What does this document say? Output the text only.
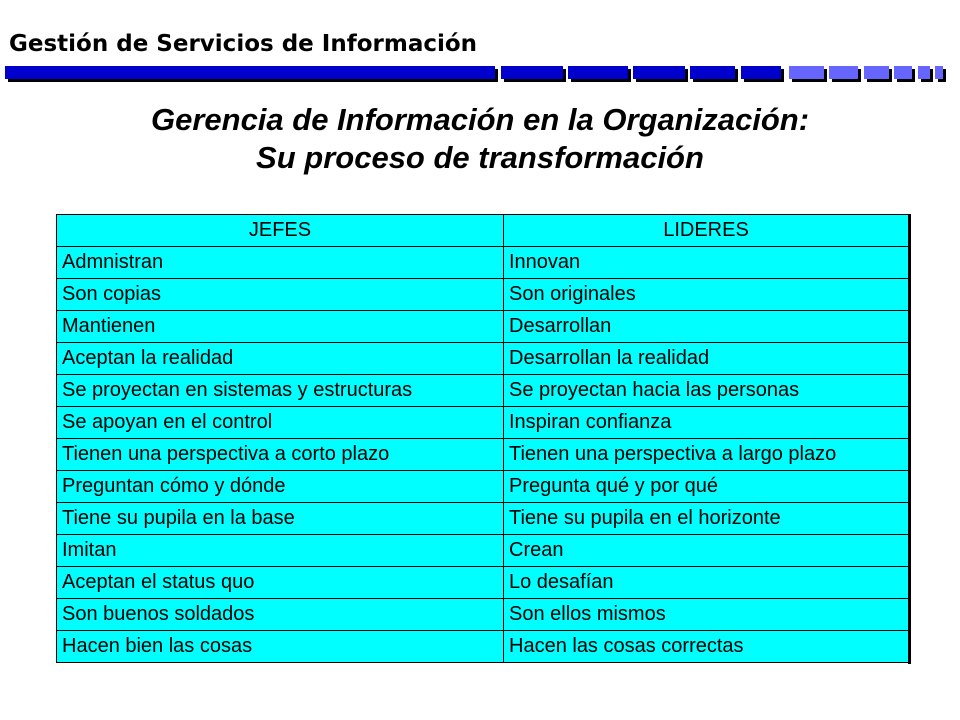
Gestión de Servicios de Información
Gerencia de Información en la Organización:
Su proceso de transformación
JEFES	LIDERES
Admnistran	Innovan
Son copias	Son originales
Mantienen	Desarrollan
Aceptan la realidad	Desarrollan la realidad
Se proyectan en sistemas y estructuras	Se proyectan hacia las personas
Se apoyan en el control	Inspiran confianza
Tienen una perspectiva a corto plazo	Tienen una perspectiva a largo plazo
Preguntan cómo y dónde	Pregunta qué y por qué
Tiene su pupila en la base	Tiene su pupila en el horizonte
Imitan	Crean
Aceptan el status quo	Lo desafían
Son buenos soldados	Son ellos mismos
Hacen bien las cosas	Hacen las cosas correctas
